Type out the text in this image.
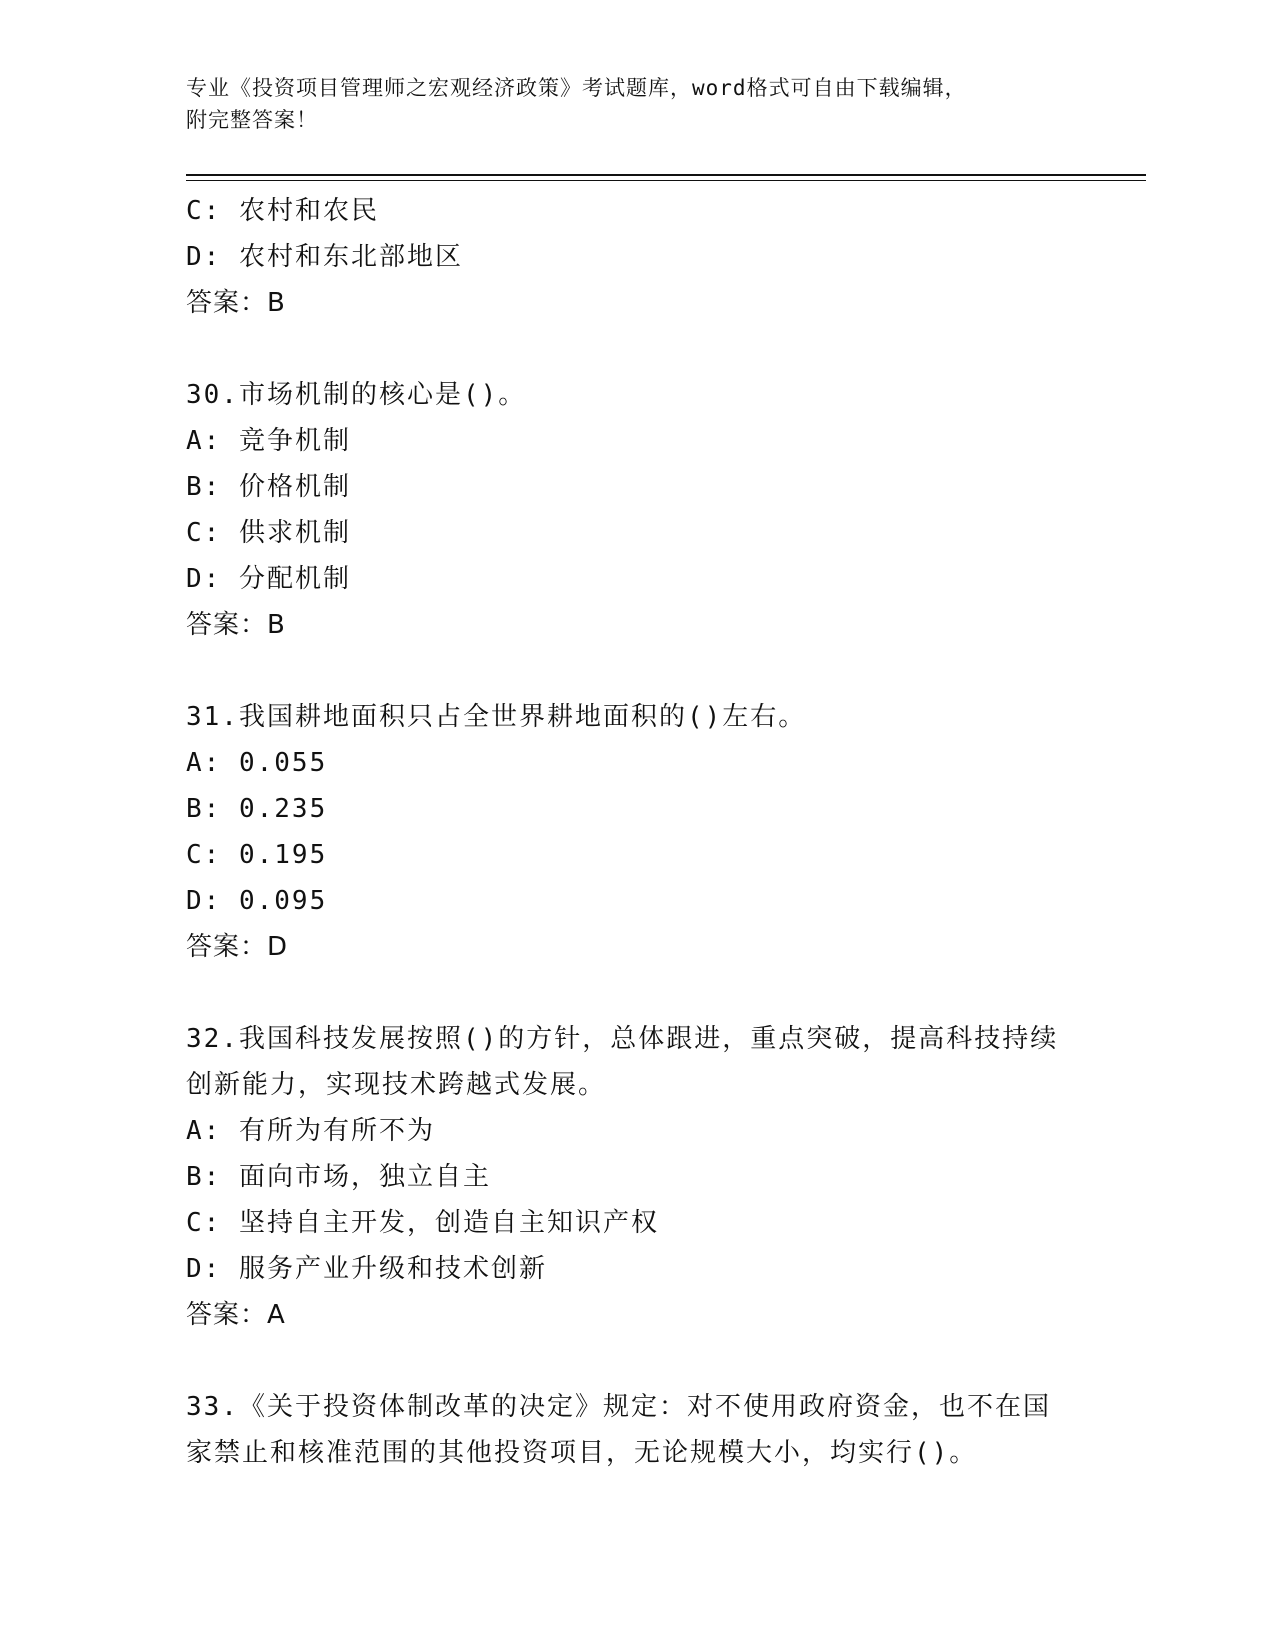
专业《投资项目管理师之宏观经济政策》考试题库，word格式可自由下载编辑，
附完整答案！
C: 农村和农民
D: 农村和东北部地区
答案：B
30.市场机制的核心是()。
A: 竞争机制
B: 价格机制
C: 供求机制
D: 分配机制
答案：B
31.我国耕地面积只占全世界耕地面积的()左右。
A: 0.055
B: 0.235
C: 0.195
D: 0.095
答案：D
32.我国科技发展按照()的方针，总体跟进，重点突破，提高科技持续
创新能力，实现技术跨越式发展。
A: 有所为有所不为
B: 面向市场，独立自主
C: 坚持自主开发，创造自主知识产权
D: 服务产业升级和技术创新
答案：A
33.《关于投资体制改革的决定》规定：对不使用政府资金，也不在国
家禁止和核准范围的其他投资项目，无论规模大小，均实行()。
